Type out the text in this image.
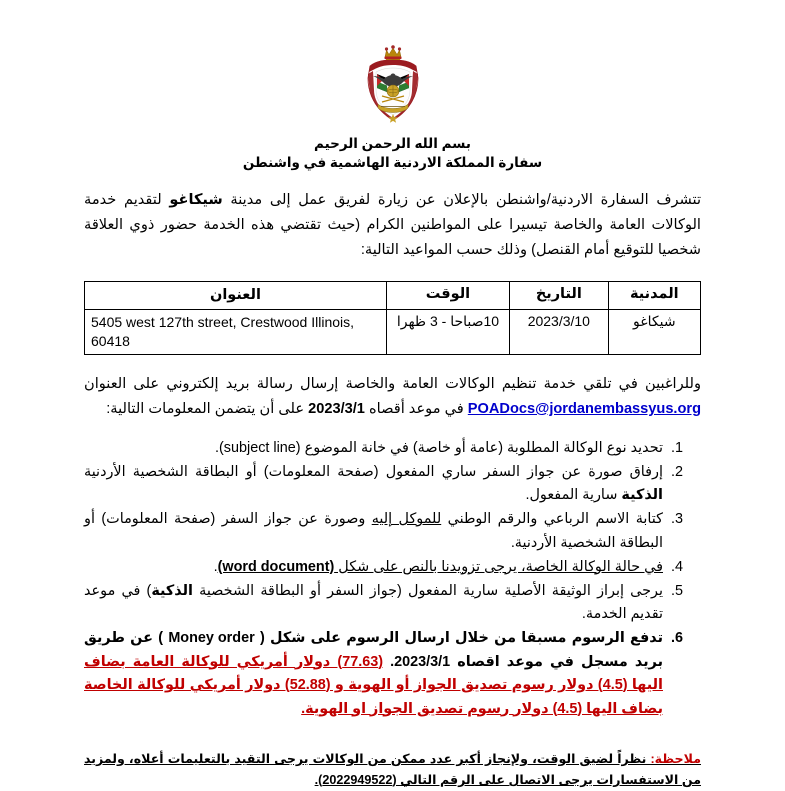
بسم الله الرحمن الرحيم
سفارة المملكة الاردنية الهاشمية في واشنطن

تتشرف السفارة الاردنية/واشنطن بالإعلان عن زيارة لفريق عمل إلى مدينة شيكاغو لتقديم خدمة الوكالات العامة والخاصة تيسيرا على المواطنين الكرام (حيث تقتضي هذه الخدمة حضور ذوي العلاقة شخصيا للتوقيع أمام القنصل) وذلك حسب المواعيد التالية:

المدنية	التاريخ	الوقت	العنوان
شيكاغو	2023/3/10	10صباحا - 3 ظهرا	5405 west 127th street, Crestwood Illinois, 60418

وللراغبين في تلقي خدمة تنظيم الوكالات العامة والخاصة إرسال رسالة بريد إلكتروني على العنوان POADocs@jordanembassyus.org في موعد أقصاه 2023/3/1 على أن يتضمن المعلومات التالية:

1. تحديد نوع الوكالة المطلوبة (عامة أو خاصة) في خانة الموضوع (subject line).
2. إرفاق صورة عن جواز السفر ساري المفعول (صفحة المعلومات) أو البطاقة الشخصية الأردنية الذكية سارية المفعول.
3. كتابة الاسم الرباعي والرقم الوطني للموكل إليه وصورة عن جواز السفر (صفحة المعلومات) أو البطاقة الشخصية الأردنية.
4. في حالة الوكالة الخاصة، يرجى تزويدنا بالنص على شكل (word document).
5. يرجى إبراز الوثيقة الأصلية سارية المفعول (جواز السفر أو البطاقة الشخصية الذكية) في موعد تقديم الخدمة.
6. تدفع الرسوم مسبقا من خلال ارسال الرسوم على شكل ( Money order ) عن طريق بريد مسجل في موعد اقصاه 2023/3/1. (77.63) دولار أمريكي للوكالة العامة بضاف اليها (4.5) دولار رسوم تصديق الجواز أو الهوية و (52.88) دولار أمريكي للوكالة الخاصة بضاف اليها (4.5) دولار رسوم تصديق الجواز او الهوية.

ملاحظة: نظراً لضيق الوقت، ولإنجاز أكبر عدد ممكن من الوكالات يرجى التقيد بالتعليمات أعلاه، ولمزيد من الاستفسارات يرجى الاتصال على الرقم التالي (2022949522).
